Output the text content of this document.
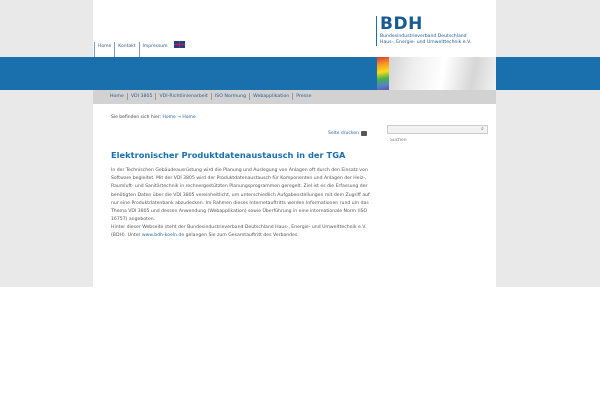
Home	Kontakt	Impressum
BDH
Bundesindustrieverband Deutschland
Haus-, Energie- und Umwelttechnik e.V.
Home	VDI 3805	VDI-Richtlinienarbeit	ISO Normung	Webapplikation	Presse
Sie befinden sich hier: Home → Home
Seite drucken
Suchen
⌕
Elektronischer Produktdatenaustausch in der TGA

In der Technischen Gebäudeausrüstung wird die Planung und Auslegung von Anlagen oft durch den Einsatz von Software begleitet. Mit der VDI 3805 wird der Produktdatenaustausch für Komponenten und Anlagen der Heiz-, Raumluft- und Sanitärtechnik in rechnergestützten Planungsprogrammen geregelt. Ziel ist es die Erfassung der benötigten Daten über die VDI 3805 vereinheitlicht, um unterschiedlich Aufgabenstellungen mit dem Zugriff auf nur eine Produktdatenbank abzudecken. Im Rahmen dieses Internetauftritts werden Informationen rund um das Thema VDI 3805 und dessen Anwendung (Webapplikation) sowie Überführung in eine internationale Norm (ISO 16757) angeboten.

Hinter dieser Webseite steht der Bundesindustrieverband Deutschland Haus-, Energie- und Umwelttechnik e.V. (BDH). Unter www.bdh-koeln.de gelangen Sie zum Gesamtauftritt des Verbandes.
